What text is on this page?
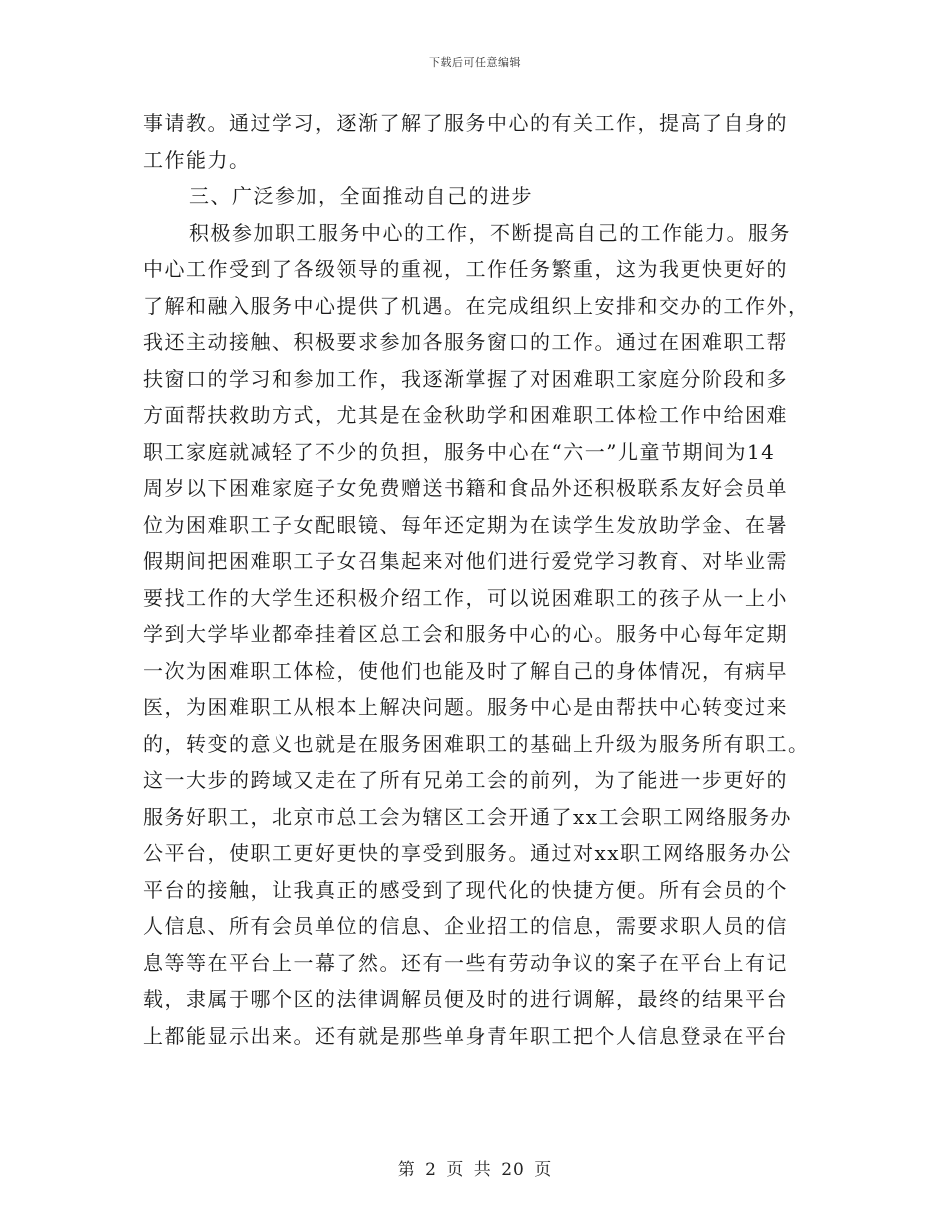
下载后可任意编辑
事请教。通过学习，逐渐了解了服务中心的有关工作，提高了自身的
工作能力。
三、广泛参加，全面推动自己的进步
积极参加职工服务中心的工作，不断提高自己的工作能力。服务
中心工作受到了各级领导的重视，工作任务繁重，这为我更快更好的
了解和融入服务中心提供了机遇。在完成组织上安排和交办的工作外，
我还主动接触、积极要求参加各服务窗口的工作。通过在困难职工帮
扶窗口的学习和参加工作，我逐渐掌握了对困难职工家庭分阶段和多
方面帮扶救助方式，尤其是在金秋助学和困难职工体检工作中给困难
职工家庭就减轻了不少的负担，服务中心在“六一”儿童节期间为14
周岁以下困难家庭子女免费赠送书籍和食品外还积极联系友好会员单
位为困难职工子女配眼镜、每年还定期为在读学生发放助学金、在暑
假期间把困难职工子女召集起来对他们进行爱党学习教育、对毕业需
要找工作的大学生还积极介绍工作，可以说困难职工的孩子从一上小
学到大学毕业都牵挂着区总工会和服务中心的心。服务中心每年定期
一次为困难职工体检，使他们也能及时了解自己的身体情况，有病早
医，为困难职工从根本上解决问题。服务中心是由帮扶中心转变过来
的，转变的意义也就是在服务困难职工的基础上升级为服务所有职工。
这一大步的跨域又走在了所有兄弟工会的前列，为了能进一步更好的
服务好职工，北京市总工会为辖区工会开通了xx工会职工网络服务办
公平台，使职工更好更快的享受到服务。通过对xx职工网络服务办公
平台的接触，让我真正的感受到了现代化的快捷方便。所有会员的个
人信息、所有会员单位的信息、企业招工的信息，需要求职人员的信
息等等在平台上一幕了然。还有一些有劳动争议的案子在平台上有记
载，隶属于哪个区的法律调解员便及时的进行调解，最终的结果平台
上都能显示出来。还有就是那些单身青年职工把个人信息登录在平台
第 2 页 共 20 页
